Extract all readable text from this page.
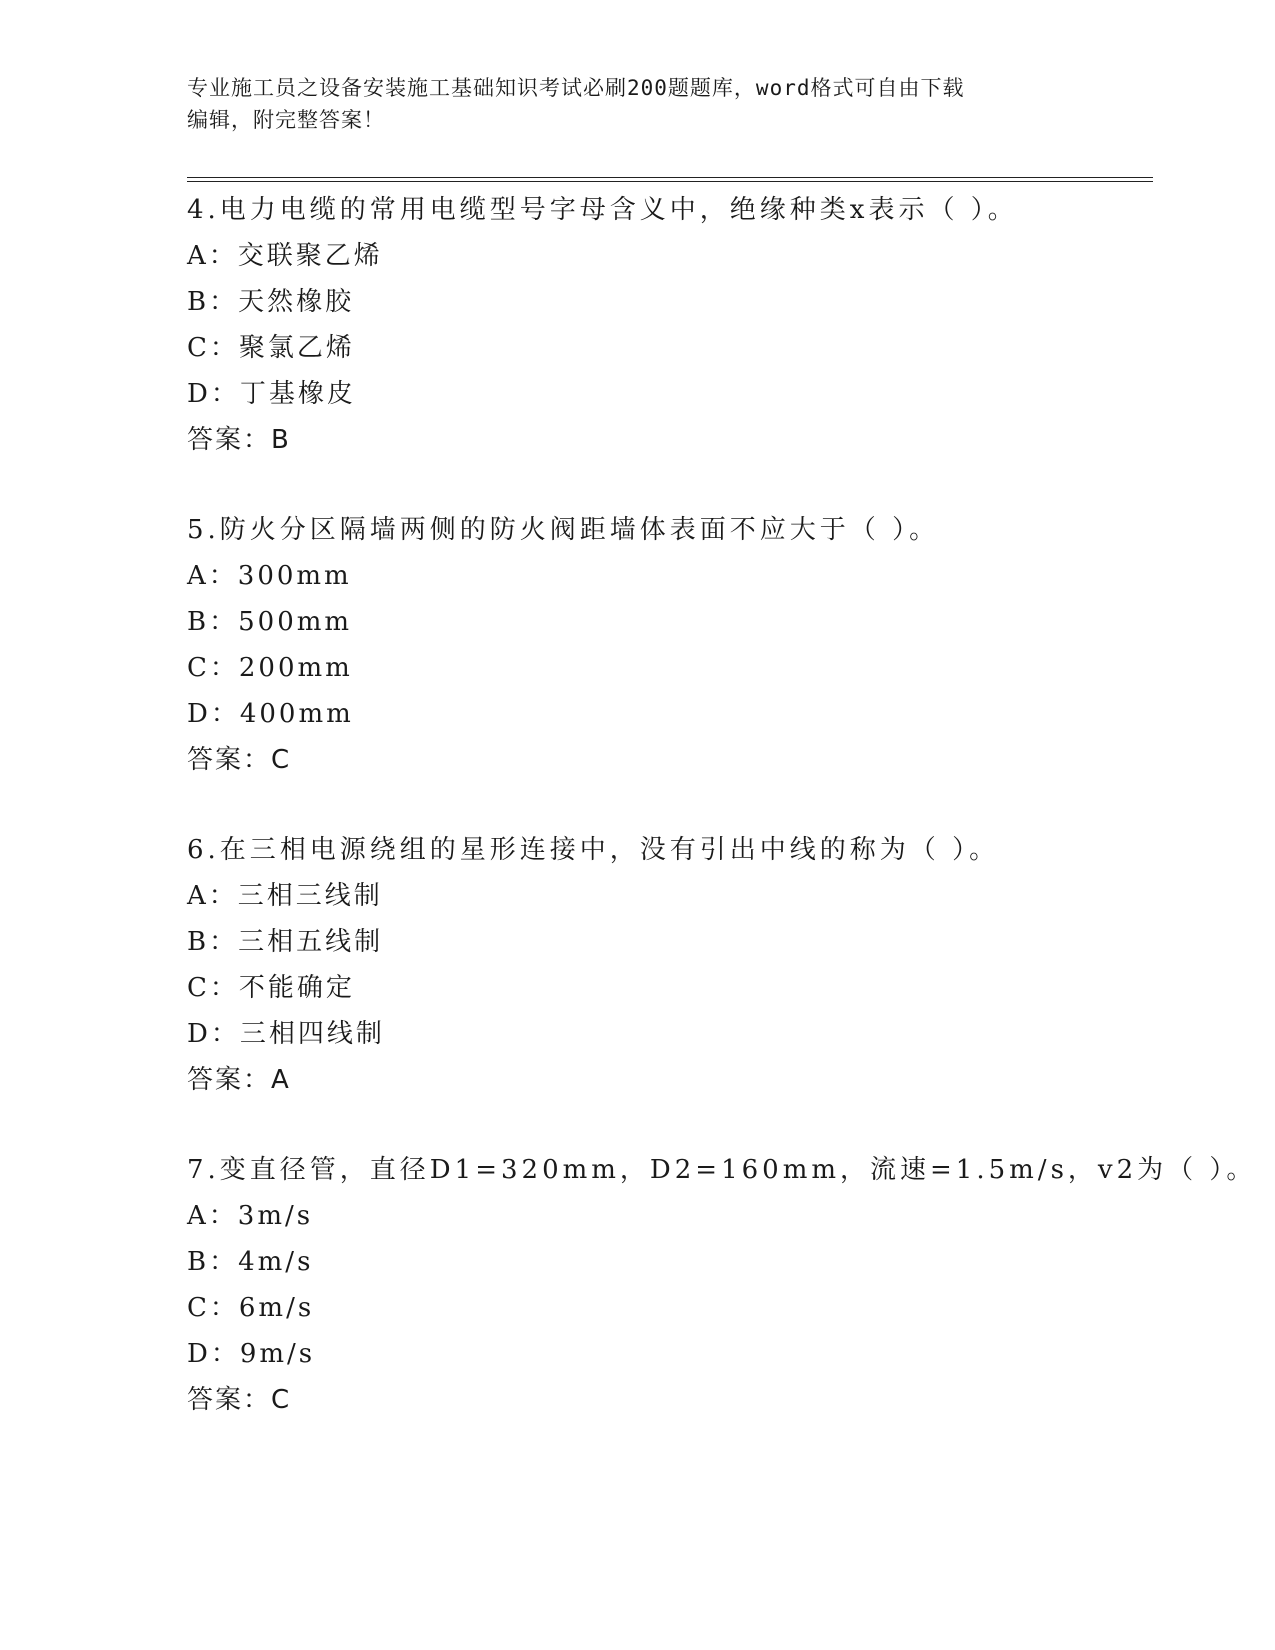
专业施工员之设备安装施工基础知识考试必刷200题题库，word格式可自由下载
编辑，附完整答案！
4.电力电缆的常用电缆型号字母含义中，绝缘种类x表示（ ）。
A：交联聚乙烯
B：天然橡胶
C：聚氯乙烯
D：丁基橡皮
答案：B
5.防火分区隔墙两侧的防火阀距墙体表面不应大于（ ）。
A：300mm
B：500mm
C：200mm
D：400mm
答案：C
6.在三相电源绕组的星形连接中，没有引出中线的称为（ ）。
A：三相三线制
B：三相五线制
C：不能确定
D：三相四线制
答案：A
7.变直径管，直径D1=320mm，D2=160mm，流速=1.5m/s，v2为（ ）。
A：3m/s
B：4m/s
C：6m/s
D：9m/s
答案：C
